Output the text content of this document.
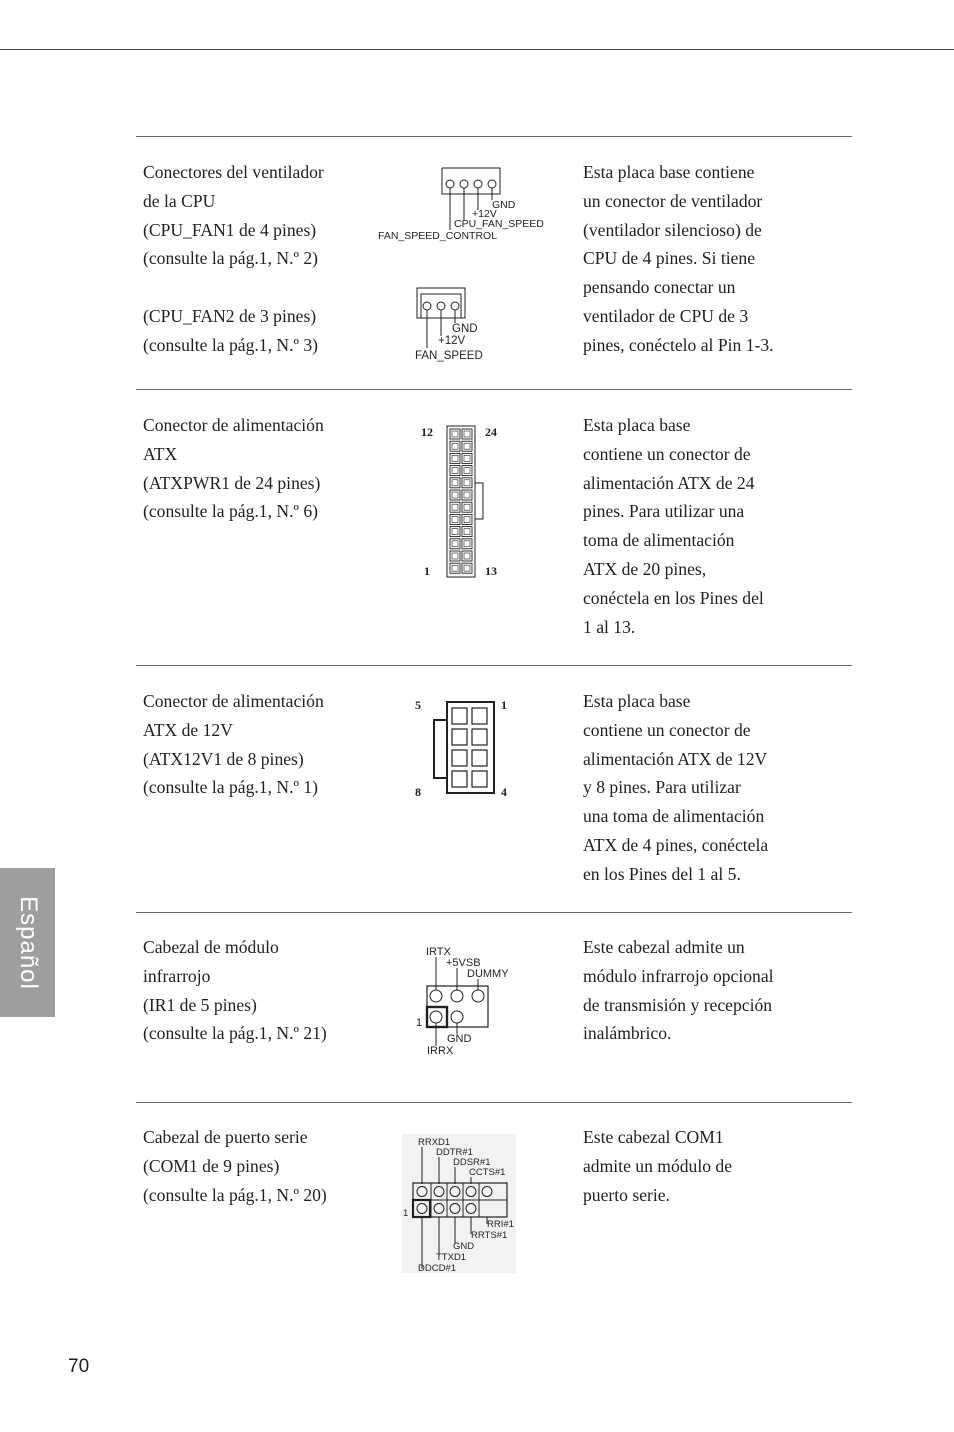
Conectores del ventilador
de la CPU
(CPU_FAN1 de 4 pines)
(consulte la pág.1, N.º 2)
(CPU_FAN2 de 3 pines)
(consulte la pág.1, N.º 3)
Esta placa base contiene
un conector de ventilador
(ventilador silencioso) de
CPU de 4 pines. Si tiene
pensando conectar un
ventilador de CPU de 3
pines, conéctelo al Pin 1-3.
GND
+12V
CPU_FAN_SPEED
FAN_SPEED_CONTROL
GND
+12V
FAN_SPEED
Conector de alimentación
ATX
(ATXPWR1 de 24 pines)
(consulte la pág.1, N.º 6)
Esta placa base
contiene un conector de
alimentación ATX de 24
pines. Para utilizar una
toma de alimentación
ATX de 20 pines,
conéctela en los Pines del
1 al 13.
12	24
1	13
Conector de alimentación
ATX de 12V
(ATX12V1 de 8 pines)
(consulte la pág.1, N.º 1)
Esta placa base
contiene un conector de
alimentación ATX de 12V
y 8 pines. Para utilizar
una toma de alimentación
ATX de 4 pines, conéctela
en los Pines del 1 al 5.
5	1
8	4
Cabezal de módulo
infrarrojo
(IR1 de 5 pines)
(consulte la pág.1, N.º 21)
Este cabezal admite un
módulo infrarrojo opcional
de transmisión y recepción
inalámbrico.
IRTX
+5VSB
DUMMY
1
GND
IRRX
Cabezal de puerto serie
(COM1 de 9 pines)
(consulte la pág.1, N.º 20)
Este cabezal COM1
admite un módulo de
puerto serie.
RRXD1
DDTR#1
DDSR#1
CCTS#1
1
RRI#1
RRTS#1
GND
TTXD1
DDCD#1
Español
70
